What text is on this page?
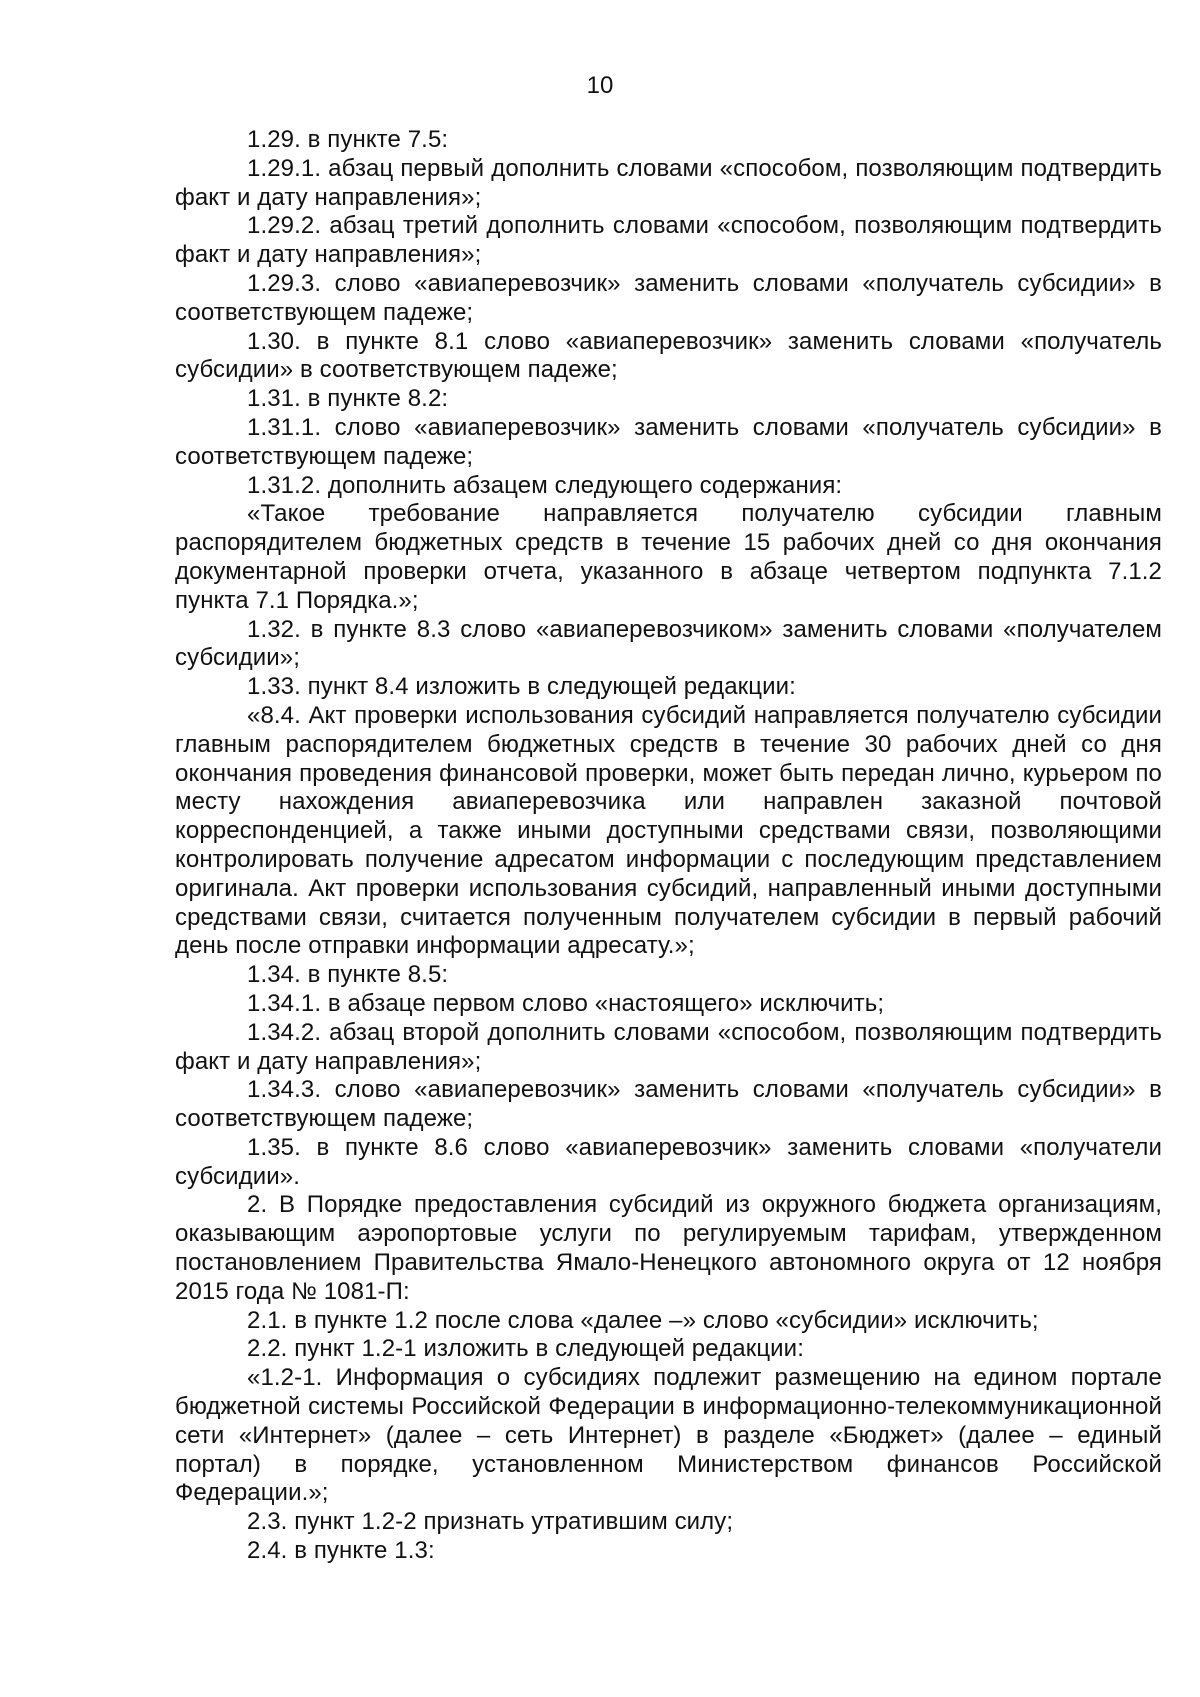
10

1.29. в пункте 7.5:

1.29.1. абзац первый дополнить словами «способом, позволяющим подтвердить факт и дату направления»;

1.29.2. абзац третий дополнить словами «способом, позволяющим подтвердить факт и дату направления»;

1.29.3. слово «авиаперевозчик» заменить словами «получатель субсидии» в соответствующем падеже;

1.30. в пункте 8.1 слово «авиаперевозчик» заменить словами «получатель субсидии» в соответствующем падеже;

1.31. в пункте 8.2:

1.31.1. слово «авиаперевозчик» заменить словами «получатель субсидии» в соответствующем падеже;

1.31.2. дополнить абзацем следующего содержания:

«Такое требование направляется получателю субсидии главным распорядителем бюджетных средств в течение 15 рабочих дней со дня окончания документарной проверки отчета, указанного в абзаце четвертом подпункта 7.1.2 пункта 7.1 Порядка.»;

1.32. в пункте 8.3 слово «авиаперевозчиком» заменить словами «получателем субсидии»;

1.33. пункт 8.4 изложить в следующей редакции:

«8.4. Акт проверки использования субсидий направляется получателю субсидии главным распорядителем бюджетных средств в течение 30 рабочих дней со дня окончания проведения финансовой проверки, может быть передан лично, курьером по месту нахождения авиаперевозчика или направлен заказной почтовой корреспонденцией, а также иными доступными средствами связи, позволяющими контролировать получение адресатом информации с последующим представлением оригинала. Акт проверки использования субсидий, направленный иными доступными средствами связи, считается полученным получателем субсидии в первый рабочий день после отправки информации адресату.»;

1.34. в пункте 8.5:

1.34.1. в абзаце первом слово «настоящего» исключить;

1.34.2. абзац второй дополнить словами «способом, позволяющим подтвердить факт и дату направления»;

1.34.3. слово «авиаперевозчик» заменить словами «получатель субсидии» в соответствующем падеже;

1.35. в пункте 8.6 слово «авиаперевозчик» заменить словами «получатели субсидии».

2. В Порядке предоставления субсидий из окружного бюджета организациям, оказывающим аэропортовые услуги по регулируемым тарифам, утвержденном постановлением Правительства Ямало-Ненецкого автономного округа от 12 ноября 2015 года № 1081-П:

2.1. в пункте 1.2 после слова «далее –» слово «субсидии» исключить;

2.2. пункт 1.2-1 изложить в следующей редакции:

«1.2-1. Информация о субсидиях подлежит размещению на едином портале бюджетной системы Российской Федерации в информационно-телекоммуникационной сети «Интернет» (далее – сеть Интернет) в разделе «Бюджет» (далее – единый портал) в порядке, установленном Министерством финансов Российской Федерации.»;

2.3. пункт 1.2-2 признать утратившим силу;

2.4. в пункте 1.3:
